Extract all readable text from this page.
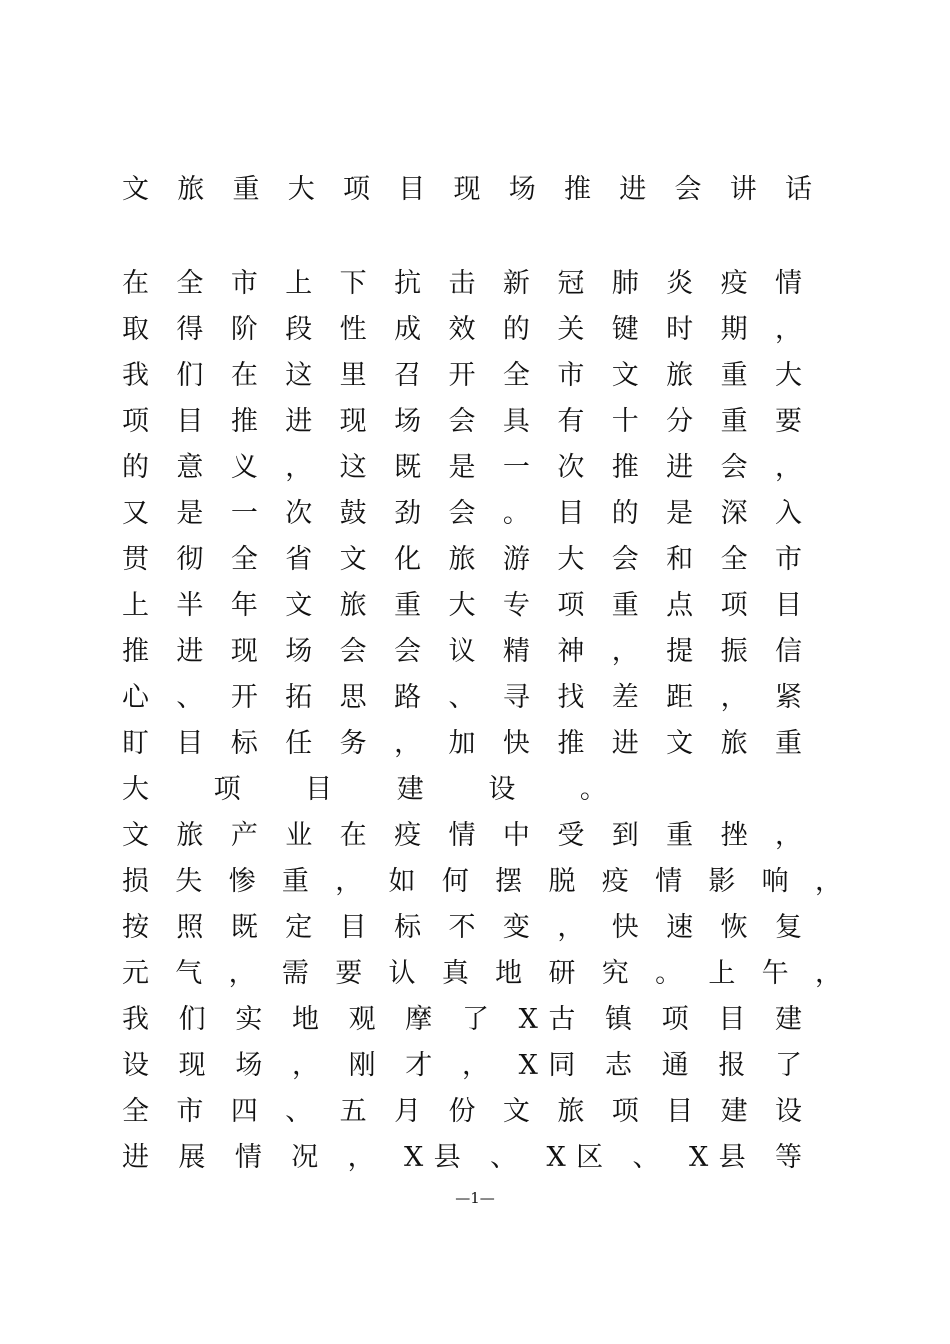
文 旅 重 大 项 目 现 场 推 进 会 讲 话
在 全 市 上 下 抗 击 新 冠 肺 炎 疫 情
取 得 阶 段 性 成 效 的 关 键 时 期 ，
我 们 在 这 里 召 开 全 市 文 旅 重 大
项 目 推 进 现 场 会 具 有 十 分 重 要
的 意 义 ， 这 既 是 一 次 推 进 会 ，
又 是 一 次 鼓 劲 会 。 目 的 是 深 入
贯 彻 全 省 文 化 旅 游 大 会 和 全 市
上 半 年 文 旅 重 大 专 项 重 点 项 目
推 进 现 场 会 会 议 精 神 ， 提 振 信
心 、 开 拓 思 路 、 寻 找 差 距 ， 紧
盯 目 标 任 务 ， 加 快 推 进 文 旅 重
大 项 目 建 设 。
文 旅 产 业 在 疫 情 中 受 到 重 挫 ，
损 失 惨 重 ， 如 何 摆 脱 疫 情 影 响 ，
按 照 既 定 目 标 不 变 ， 快 速 恢 复
元 气 ， 需 要 认 真 地 研 究 。 上 午 ，
我 们 实 地 观 摩 了 X古 镇 项 目 建
设 现 场 ， 刚 才 ， X同 志 通 报 了
全 市 四 、 五 月 份 文 旅 项 目 建 设
进 展 情 况 ， X县 、 X区 、 X县 等
—1—
